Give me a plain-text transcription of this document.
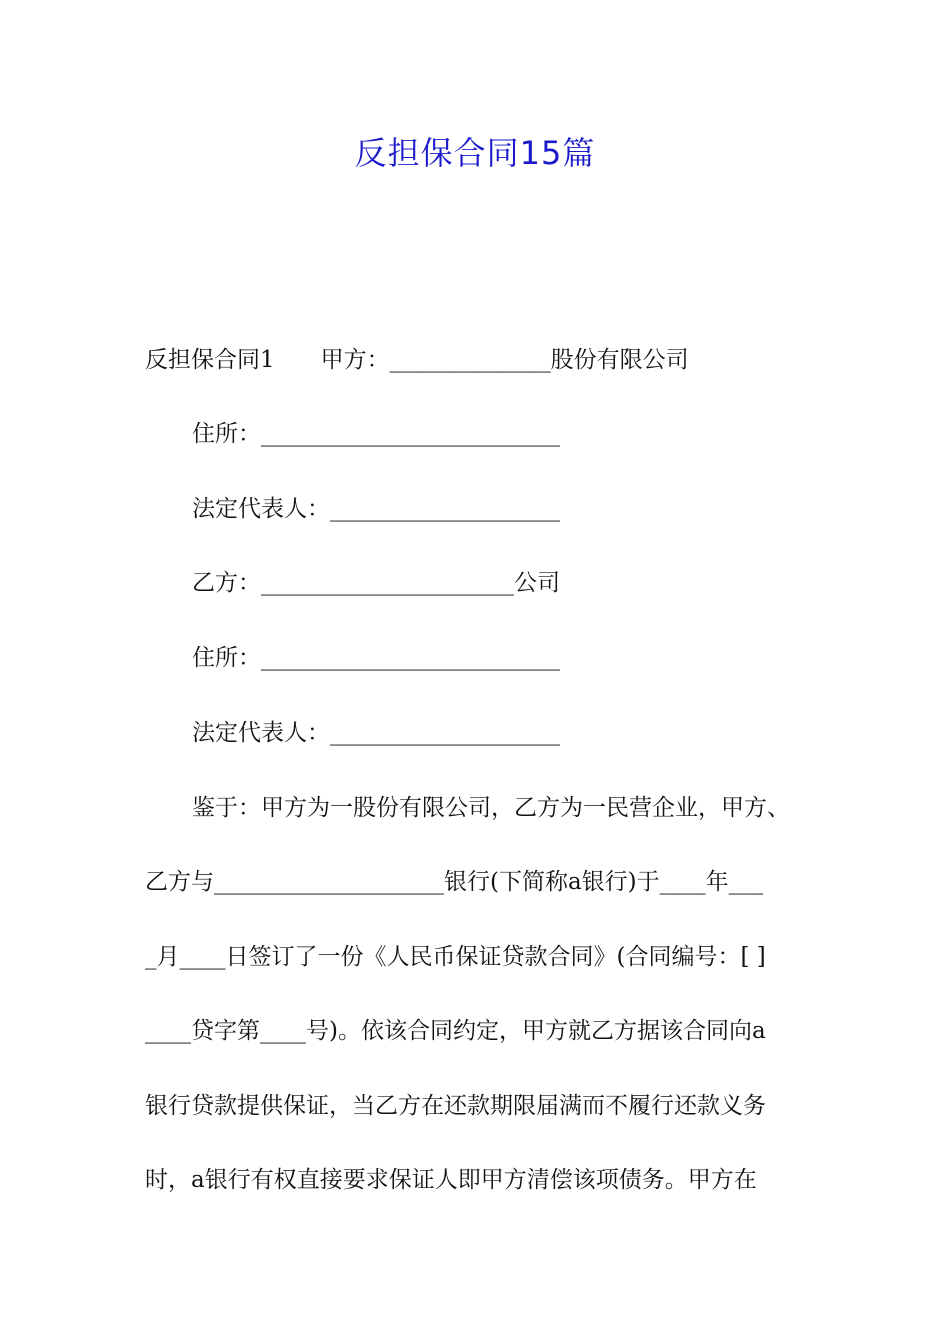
反担保合同15篇
反担保合同1　　甲方：______________股份有限公司
住所：__________________________
法定代表人：____________________
乙方：______________________公司
住所：__________________________
法定代表人：____________________
鉴于：甲方为一股份有限公司，乙方为一民营企业，甲方、
乙方与____________________银行(下简称a银行)于____年___
_月____日签订了一份《人民币保证贷款合同》(合同编号：[ ]
____贷字第____号)。依该合同约定，甲方就乙方据该合同向a
银行贷款提供保证，当乙方在还款期限届满而不履行还款义务
时，a银行有权直接要求保证人即甲方清偿该项债务。甲方在
